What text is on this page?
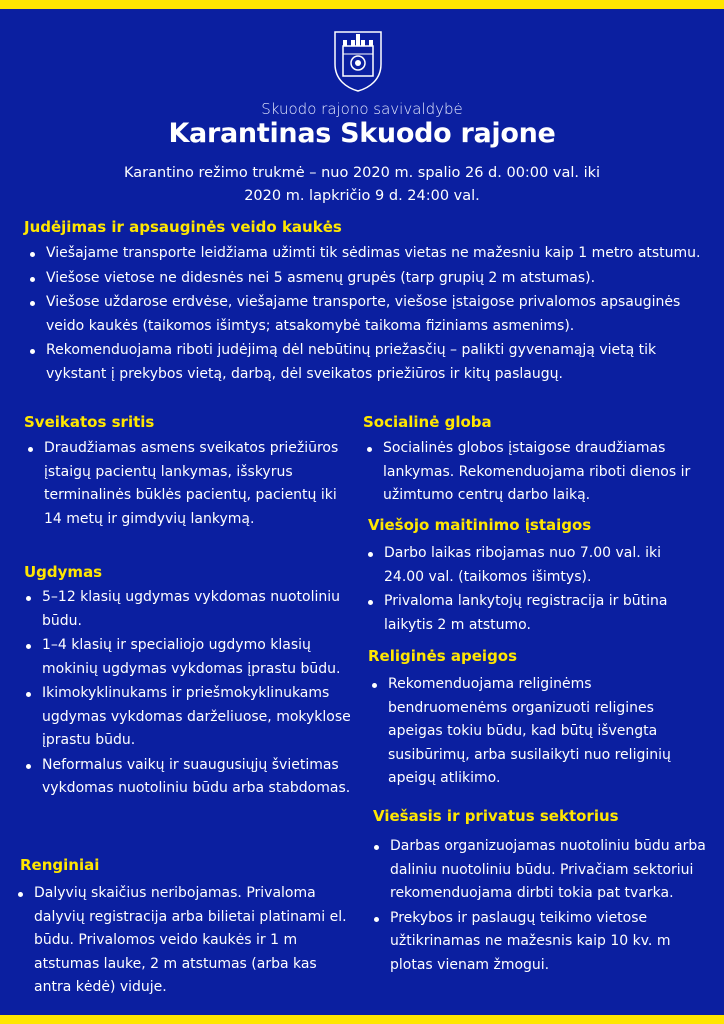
Skuodo rajono savivaldybė
Karantinas Skuodo rajone
Karantino režimo trukmė – nuo 2020 m. spalio 26 d. 00:00 val. iki
2020 m. lapkričio 9 d. 24:00 val.
Judėjimas ir apsauginės veido kaukės
Viešajame transporte leidžiama užimti tik sėdimas vietas ne mažesniu kaip 1 metro atstumu.
Viešose vietose ne didesnės nei 5 asmenų grupės (tarp grupių 2 m atstumas).
Viešose uždarose erdvėse, viešajame transporte, viešose įstaigose privalomos apsauginės veido kaukės (taikomos išimtys; atsakomybė taikoma fiziniams asmenims).
Rekomenduojama riboti judėjimą dėl nebūtinų priežasčių – palikti gyvenamąją vietą tik vykstant į prekybos vietą, darbą, dėl sveikatos priežiūros ir kitų paslaugų.
Sveikatos sritis
Draudžiamas asmens sveikatos priežiūros įstaigų pacientų lankymas, išskyrus terminalinės būklės pacientų, pacientų iki 14 metų ir gimdyvių lankymą.
Ugdymas
5–12 klasių ugdymas vykdomas nuotoliniu būdu.
1–4 klasių ir specialiojo ugdymo klasių mokinių ugdymas vykdomas įprastu būdu.
Ikimokyklinukams ir priešmokyklinukams ugdymas vykdomas darželiuose, mokyklose įprastu būdu.
Neformalus vaikų ir suaugusiųjų švietimas vykdomas nuotoliniu būdu arba stabdomas.
Renginiai
Dalyvių skaičius neribojamas. Privaloma dalyvių registracija arba bilietai platinami el. būdu. Privalomos veido kaukės ir 1 m atstumas lauke, 2 m atstumas (arba kas antra kėdė) viduje.
Socialinė globa
Socialinės globos įstaigose draudžiamas lankymas. Rekomenduojama riboti dienos ir užimtumo centrų darbo laiką.
Viešojo maitinimo įstaigos
Darbo laikas ribojamas nuo 7.00 val. iki 24.00 val. (taikomos išimtys).
Privaloma lankytojų registracija ir būtina laikytis 2 m atstumo.
Religinės apeigos
Rekomenduojama religinėms bendruomenėms organizuoti religines apeigas tokiu būdu, kad būtų išvengta susibūrimų, arba susilaikyti nuo religinių apeigų atlikimo.
Viešasis ir privatus sektorius
Darbas organizuojamas nuotoliniu būdu arba daliniu nuotoliniu būdu. Privačiam sektoriui rekomenduojama dirbti tokia pat tvarka.
Prekybos ir paslaugų teikimo vietose užtikrinamas ne mažesnis kaip 10 kv. m plotas vienam žmogui.
